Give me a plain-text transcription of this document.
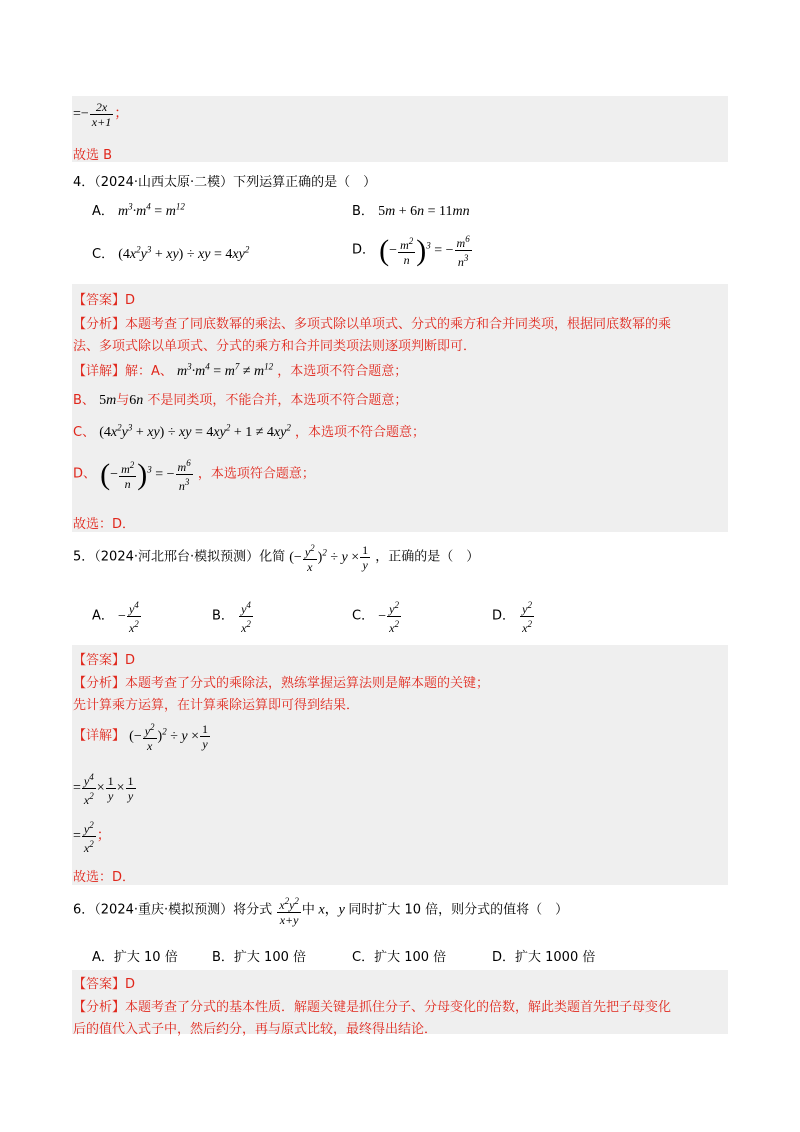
=− $\frac{2x}{x+1}$ ；
故选 B
4．（2024·山西太原·二模）下列运算正确的是（　）
A． $m^3\cdot m^4 = m^{12}$	B． 5m + 6n = 11mn
C． $(4x^2y^3 + xy)$ ÷ xy = $4xy^2$	D． (− $\frac{m^2}{n} )^3$ = − $\frac{m^6}{n^3}$
【答案】D
【分析】本题考查了同底数幂的乘法、多项式除以单项式、分式的乘方和合并同类项，根据同底数幂的乘
法、多项式除以单项式、分式的乘方和合并同类项法则逐项判断即可．
【详解】解：A、 $m^3\cdot m^4 = m^7 \ne m^{12}$ ，本选项不符合题意；
B、 5m与6n 不是同类项，不能合并，本选项不符合题意；
C、 $(4x^2y^3 + xy)$ ÷ xy = $4xy^2 + 1 \ne 4xy^2$ ，本选项不符合题意；
D、 (− $\frac{m^2}{n} )^3$ = − $\frac{m^6}{n^3}$ ，本选项符合题意；
故选：D．
5．（2024·河北邢台·模拟预测）化简 (− $\frac{y^2}{x} )^2 \div y \times \frac{1}{y}$ ，正确的是（　）
A． − $\frac{y^4}{x^2}$	B． $\frac{y^4}{x^2}$	C． − $\frac{y^2}{x^2}$	D． $\frac{y^2}{x^2}$
【答案】D
【分析】本题考查了分式的乘除法，熟练掌握运算法则是解本题的关键；
先计算乘方运算，在计算乘除运算即可得到结果．
【详解】 (− $\frac{y^2}{x} )^2 \div y \times \frac{1}{y}$
= $\frac{y^4}{x^2} \times \frac{1}{y} \times \frac{1}{y}$
= $\frac{y^2}{x^2}$ ；
故选：D．
6．（2024·重庆·模拟预测）将分式 $\frac{x^2y^2}{x+y}$ 中 x，y 同时扩大 10 倍，则分式的值将（　）
A．扩大 10 倍	B．扩大 100 倍	C．扩大 100 倍	D．扩大 1000 倍
【答案】D
【分析】本题考查了分式的基本性质．解题关键是抓住分子、分母变化的倍数，解此类题首先把子母变化
后的值代入式子中，然后约分，再与原式比较，最终得出结论．
